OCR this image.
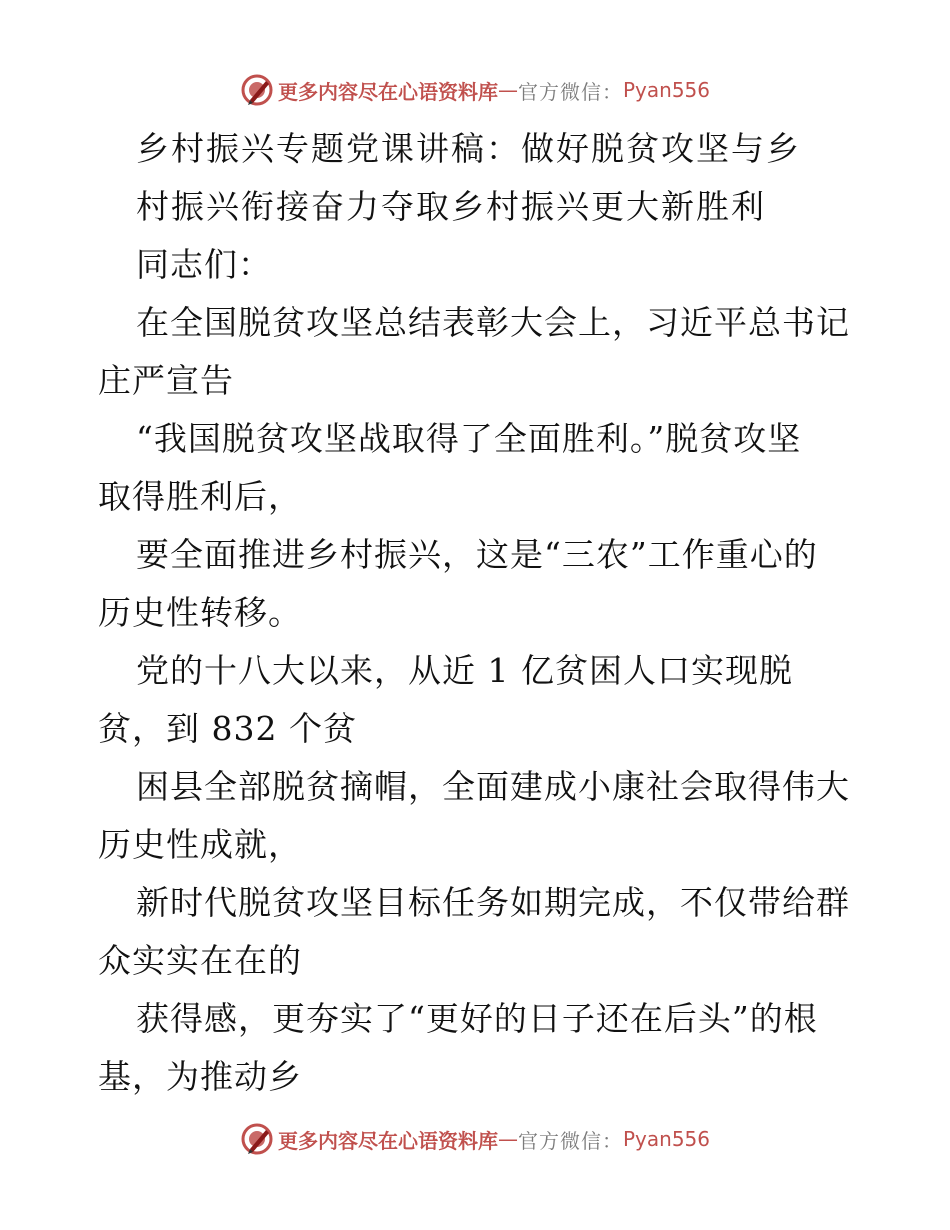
更多内容尽在心语资料库 — 官方微信： Pyan556
乡村振兴专题党课讲稿：做好脱贫攻坚与乡
村振兴衔接奋力夺取乡村振兴更大新胜利
同志们：
在全国脱贫攻坚总结表彰大会上，习近平总书记
庄严宣告
“我国脱贫攻坚战取得了全面胜利。”脱贫攻坚
取得胜利后，
要全面推进乡村振兴，这是“三农”工作重心的
历史性转移。
党的十八大以来，从近 1 亿贫困人口实现脱
贫，到 832 个贫
困县全部脱贫摘帽，全面建成小康社会取得伟大
历史性成就，
新时代脱贫攻坚目标任务如期完成，不仅带给群
众实实在在的
获得感，更夯实了“更好的日子还在后头”的根
基，为推动乡
更多内容尽在心语资料库 — 官方微信： Pyan556
